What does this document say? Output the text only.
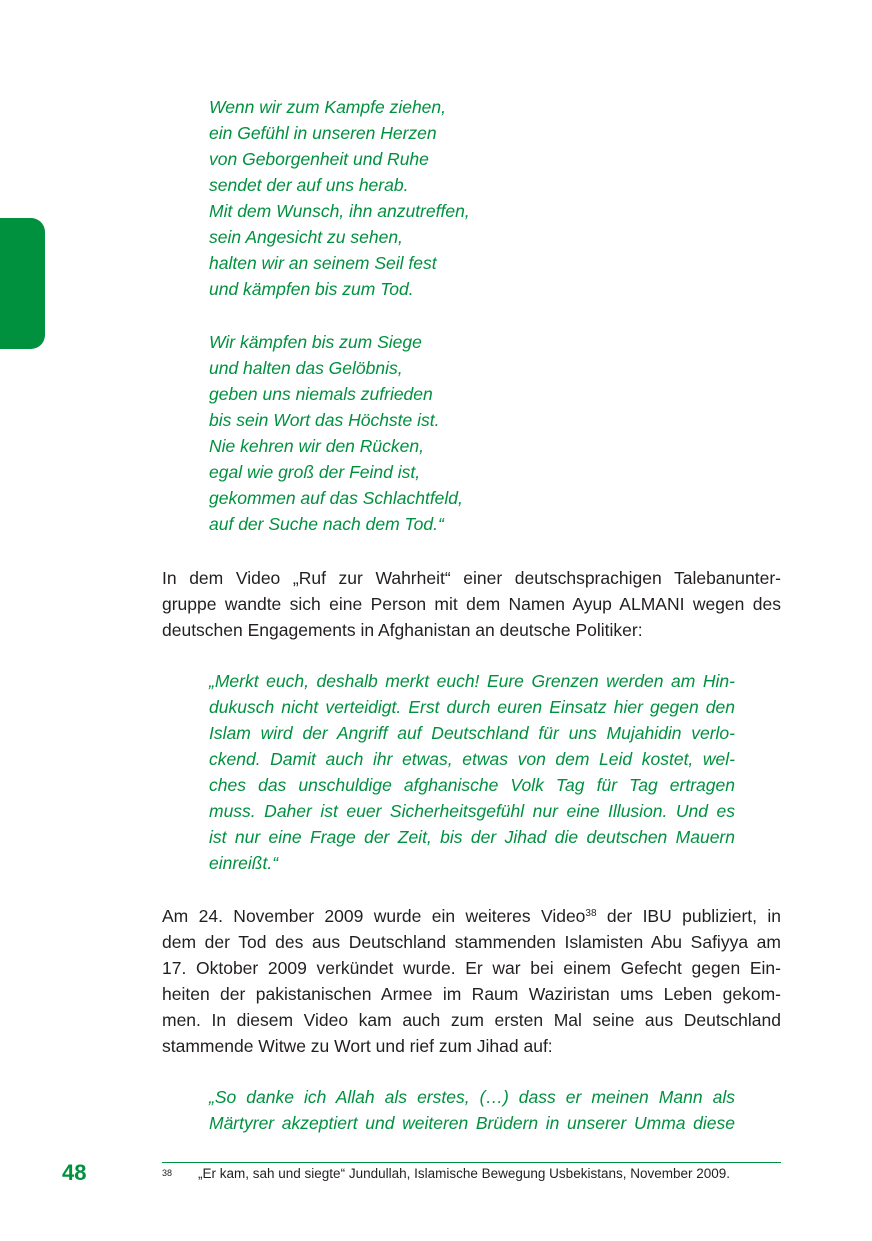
Wenn wir zum Kampfe ziehen,
ein Gefühl in unseren Herzen
von Geborgenheit und Ruhe
sendet der auf uns herab.
Mit dem Wunsch, ihn anzutreffen,
sein Angesicht zu sehen,
halten wir an seinem Seil fest
und kämpfen bis zum Tod.
Wir kämpfen bis zum Siege
und halten das Gelöbnis,
geben uns niemals zufrieden
bis sein Wort das Höchste ist.
Nie kehren wir den Rücken,
egal wie groß der Feind ist,
gekommen auf das Schlachtfeld,
auf der Suche nach dem Tod.“
In dem Video „Ruf zur Wahrheit“ einer deutschsprachigen Talebanunter-
gruppe wandte sich eine Person mit dem Namen Ayup ALMANI wegen des
deutschen Engagements in Afghanistan an deutsche Politiker:
„Merkt euch, deshalb merkt euch! Eure Grenzen werden am Hin-
dukusch nicht verteidigt. Erst durch euren Einsatz hier gegen den
Islam wird der Angriff auf Deutschland für uns Mujahidin verlo-
ckend. Damit auch ihr etwas, etwas von dem Leid kostet, wel-
ches das unschuldige afghanische Volk Tag für Tag ertragen
muss. Daher ist euer Sicherheitsgefühl nur eine Illusion. Und es
ist nur eine Frage der Zeit, bis der Jihad die deutschen Mauern
einreißt.“
Am 24. November 2009 wurde ein weiteres Video$^{38}$ der IBU publiziert, in
dem der Tod des aus Deutschland stammenden Islamisten Abu Safiyya am
17. Oktober 2009 verkündet wurde. Er war bei einem Gefecht gegen Ein-
heiten der pakistanischen Armee im Raum Waziristan ums Leben gekom-
men. In diesem Video kam auch zum ersten Mal seine aus Deutschland
stammende Witwe zu Wort und rief zum Jihad auf:
„So danke ich Allah als erstes, (…) dass er meinen Mann als
Märtyrer akzeptiert und weiteren Brüdern in unserer Umma diese
48	38 „Er kam, sah und siegte“ Jundullah, Islamische Bewegung Usbekistans, November 2009.
